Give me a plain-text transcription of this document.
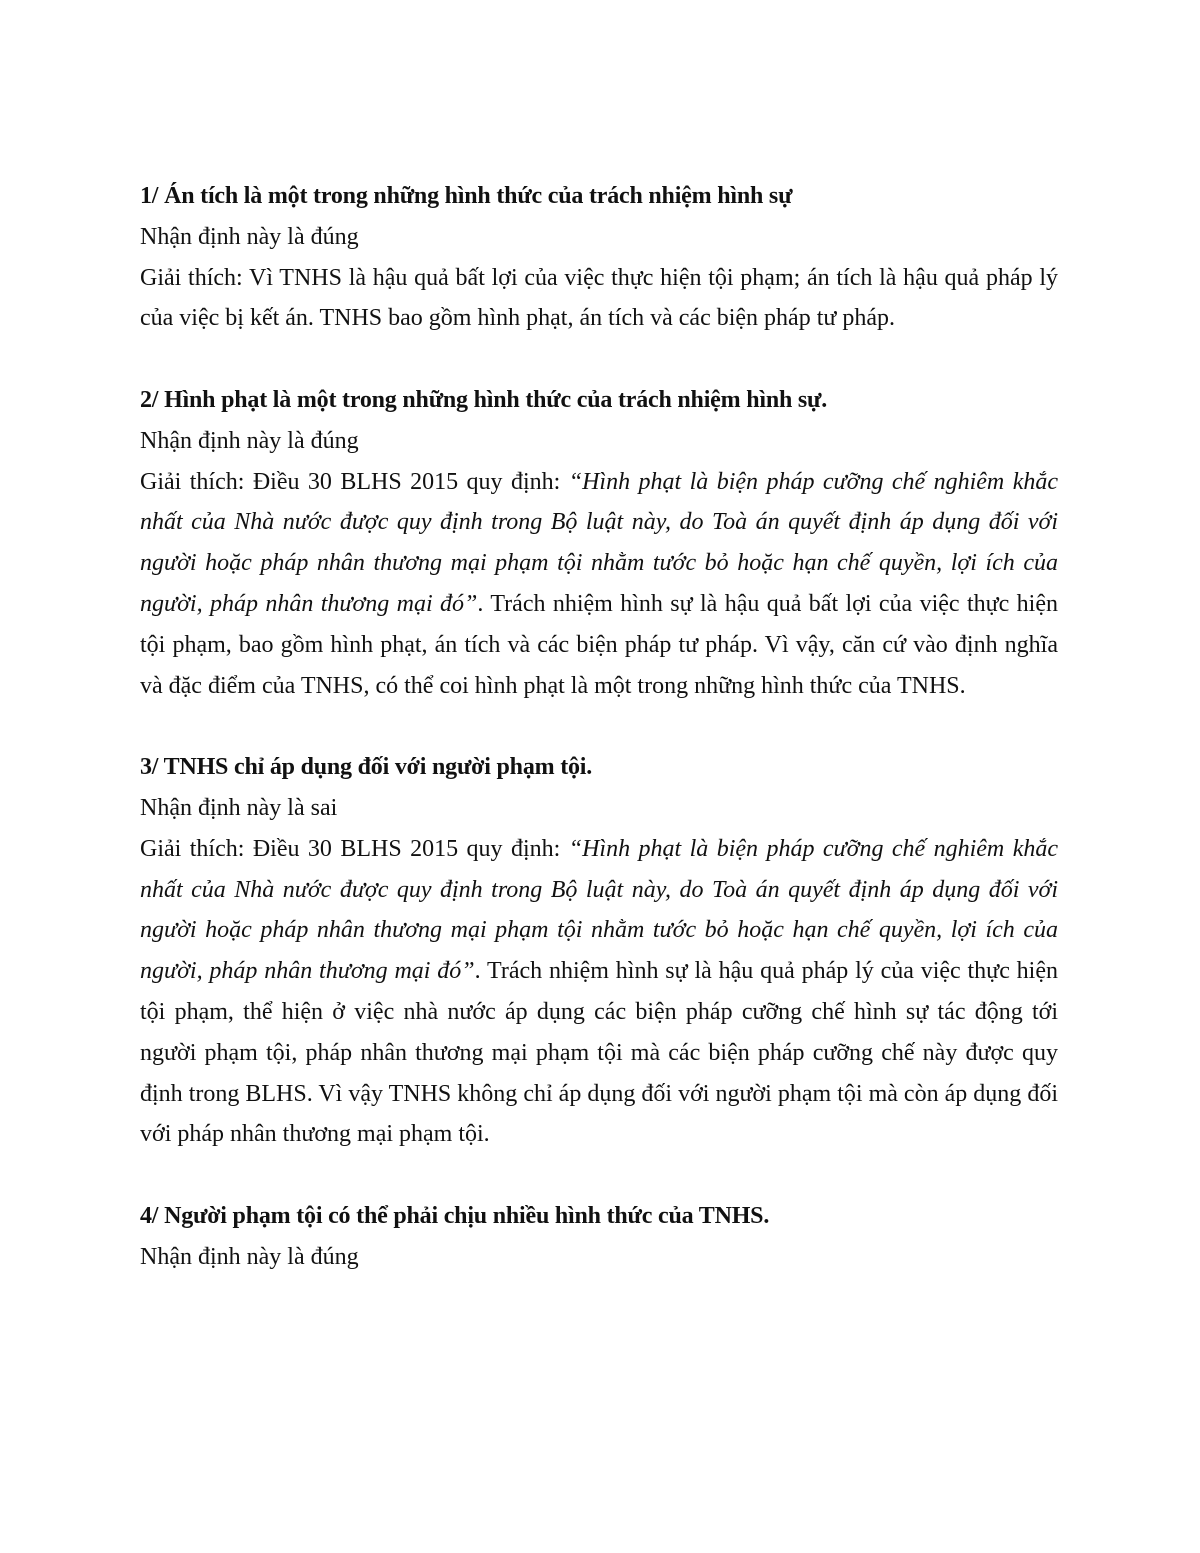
1/ Án tích là một trong những hình thức của trách nhiệm hình sự
Nhận định này là đúng
Giải thích: Vì TNHS là hậu quả bất lợi của việc thực hiện tội phạm; án tích là hậu quả pháp lý của việc bị kết án. TNHS bao gồm hình phạt, án tích và các biện pháp tư pháp.
2/ Hình phạt là một trong những hình thức của trách nhiệm hình sự.
Nhận định này là đúng
Giải thích: Điều 30 BLHS 2015 quy định: “Hình phạt là biện pháp cưỡng chế nghiêm khắc nhất của Nhà nước được quy định trong Bộ luật này, do Toà án quyết định áp dụng đối với người hoặc pháp nhân thương mại phạm tội nhằm tước bỏ hoặc hạn chế quyền, lợi ích của người, pháp nhân thương mại đó”. Trách nhiệm hình sự là hậu quả bất lợi của việc thực hiện tội phạm, bao gồm hình phạt, án tích và các biện pháp tư pháp. Vì vậy, căn cứ vào định nghĩa và đặc điểm của TNHS, có thể coi hình phạt là một trong những hình thức của TNHS.
3/ TNHS chỉ áp dụng đối với người phạm tội.
Nhận định này là sai
Giải thích: Điều 30 BLHS 2015 quy định: “Hình phạt là biện pháp cưỡng chế nghiêm khắc nhất của Nhà nước được quy định trong Bộ luật này, do Toà án quyết định áp dụng đối với người hoặc pháp nhân thương mại phạm tội nhằm tước bỏ hoặc hạn chế quyền, lợi ích của người, pháp nhân thương mại đó”. Trách nhiệm hình sự là hậu quả pháp lý của việc thực hiện tội phạm, thể hiện ở việc nhà nước áp dụng các biện pháp cưỡng chế hình sự tác động tới người phạm tội, pháp nhân thương mại phạm tội mà các biện pháp cưỡng chế này được quy định trong BLHS. Vì vậy TNHS không chỉ áp dụng đối với người phạm tội mà còn áp dụng đối với pháp nhân thương mại phạm tội.
4/ Người phạm tội có thể phải chịu nhiều hình thức của TNHS.
Nhận định này là đúng
